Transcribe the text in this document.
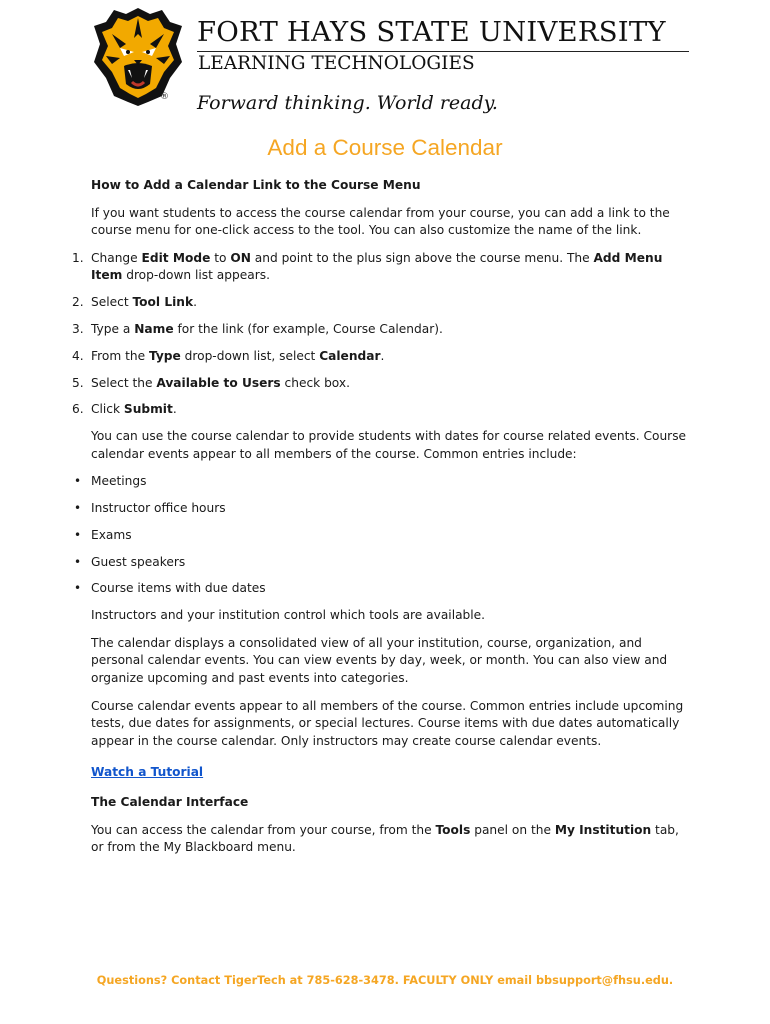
®
FORT HAYS STATE UNIVERSITY
LEARNING TECHNOLOGIES
Forward thinking. World ready.
Add a Course Calendar

How to Add a Calendar Link to the Course Menu

If you want students to access the course calendar from your course, you can add a link to the course menu for one-click access to the tool. You can also customize the name of the link.

1. Change Edit Mode to ON and point to the plus sign above the course menu. The Add Menu Item drop-down list appears.
2. Select Tool Link.
3. Type a Name for the link (for example, Course Calendar).
4. From the Type drop-down list, select Calendar.
5. Select the Available to Users check box.
6. Click Submit.

You can use the course calendar to provide students with dates for course related events. Course calendar events appear to all members of the course. Common entries include:

• Meetings
• Instructor office hours
• Exams
• Guest speakers
• Course items with due dates

Instructors and your institution control which tools are available.

The calendar displays a consolidated view of all your institution, course, organization, and personal calendar events. You can view events by day, week, or month. You can also view and organize upcoming and past events into categories.

Course calendar events appear to all members of the course. Common entries include upcoming tests, due dates for assignments, or special lectures. Course items with due dates automatically appear in the course calendar. Only instructors may create course calendar events.

Watch a Tutorial

The Calendar Interface

You can access the calendar from your course, from the Tools panel on the My Institution tab, or from the My Blackboard menu.

Questions? Contact TigerTech at 785-628-3478. FACULTY ONLY email bbsupport@fhsu.edu.
